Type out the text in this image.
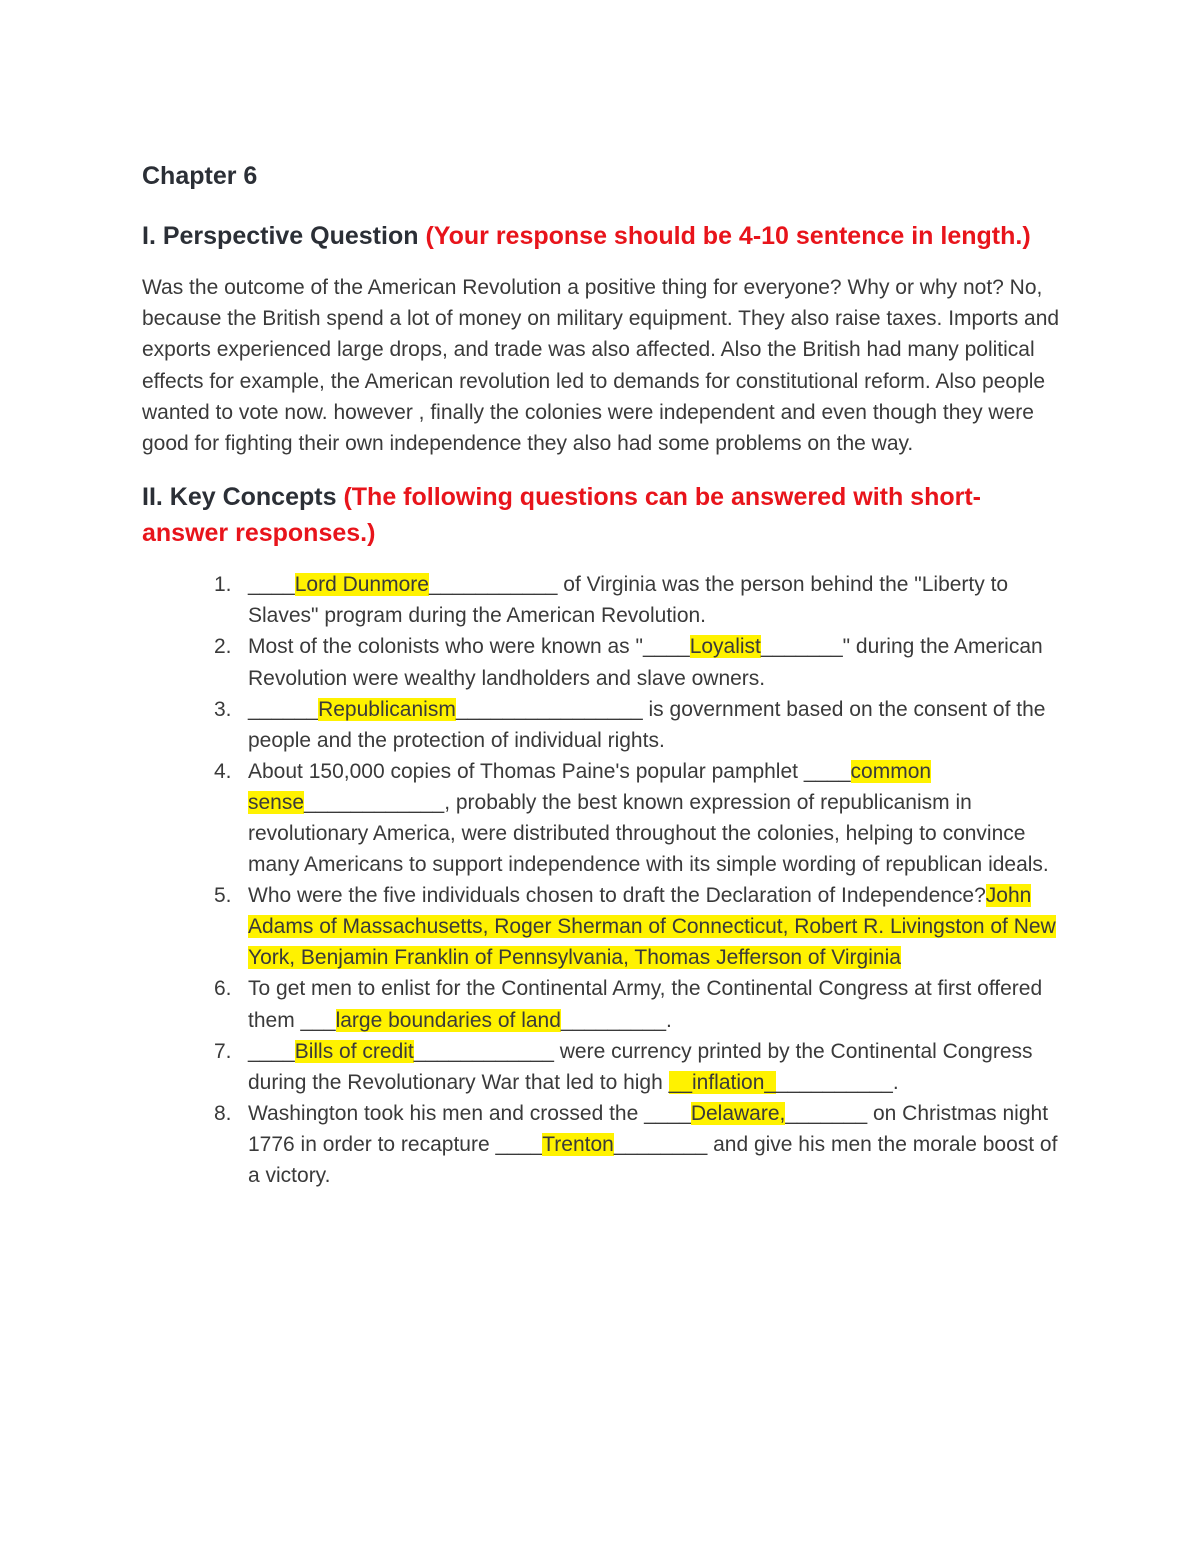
Chapter 6
I. Perspective Question (Your response should be 4-10 sentence in length.)

Was the outcome of the American Revolution a positive thing for everyone? Why or why not? No, because the British spend a lot of money on military equipment. They also raise taxes. Imports and exports experienced large drops, and trade was also affected. Also the British had many political effects for example, the American revolution led to demands for constitutional reform. Also people wanted to vote now. however , finally the colonies were independent and even though they were good for fighting their own independence they also had some problems on the way.

II. Key Concepts (The following questions can be answered with short-answer responses.)
1. ____Lord Dunmore___________ of Virginia was the person behind the "Liberty to Slaves" program during the American Revolution.
2. Most of the colonists who were known as "____Loyalist_______" during the American Revolution were wealthy landholders and slave owners.
3. ______Republicanism________________ is government based on the consent of the people and the protection of individual rights.
4. About 150,000 copies of Thomas Paine's popular pamphlet ____common sense____________, probably the best known expression of republicanism in revolutionary America, were distributed throughout the colonies, helping to convince many Americans to support independence with its simple wording of republican ideals.
5. Who were the five individuals chosen to draft the Declaration of Independence?John Adams of Massachusetts, Roger Sherman of Connecticut, Robert R. Livingston of New York, Benjamin Franklin of Pennsylvania, Thomas Jefferson of Virginia
6. To get men to enlist for the Continental Army, the Continental Congress at first offered them ___large boundaries of land_________.
7. ____Bills of credit____________ were currency printed by the Continental Congress during the Revolutionary War that led to high __inflation___________.
8. Washington took his men and crossed the ____Delaware,_______ on Christmas night 1776 in order to recapture ____Trenton________ and give his men the morale boost of a victory.
